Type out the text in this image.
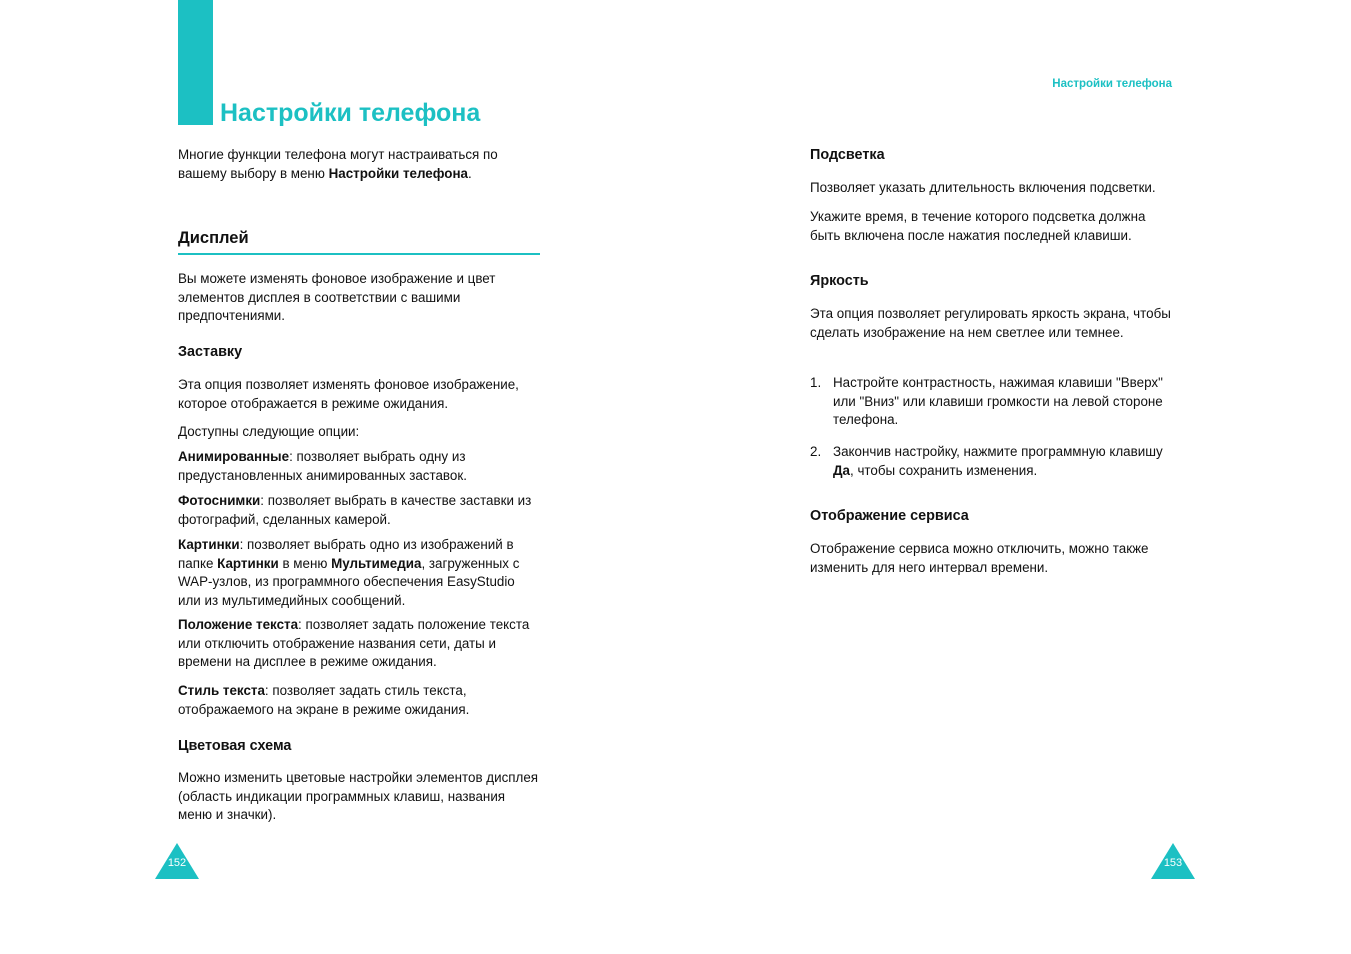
Настройки телефона

Многие функции телефона могут настраиваться по вашему выбору в меню Настройки телефона.

Дисплей

Вы можете изменять фоновое изображение и цвет элементов дисплея в соответствии с вашими предпочтениями.

Заставку

Эта опция позволяет изменять фоновое изображение, которое отображается в режиме ожидания.

Доступны следующие опции:

Анимированные: позволяет выбрать одну из предустановленных анимированных заставок.

Фотоснимки: позволяет выбрать в качестве заставки из фотографий, сделанных камерой.

Картинки: позволяет выбрать одно из изображений в папке Картинки в меню Мультимедиа, загруженных с WAP-узлов, из программного обеспечения EasyStudio или из мультимедийных сообщений.

Положение текста: позволяет задать положение текста или отключить отображение названия сети, даты и времени на дисплее в режиме ожидания.

Стиль текста: позволяет задать стиль текста, отображаемого на экране в режиме ожидания.

Цветовая схема

Можно изменить цветовые настройки элементов дисплея (область индикации программных клавиш, названия меню и значки).

152
Настройки телефона
Подсветка

Позволяет указать длительность включения подсветки.

Укажите время, в течение которого подсветка должна быть включена после нажатия последней клавиши.

Яркость

Эта опция позволяет регулировать яркость экрана, чтобы сделать изображение на нем светлее или темнее.

1. Настройте контрастность, нажимая клавиши "Вверх" или "Вниз" или клавиши громкости на левой стороне телефона.

2. Закончив настройку, нажмите программную клавишу Да, чтобы сохранить изменения.

Отображение сервиса

Отображение сервиса можно отключить, можно также изменить для него интервал времени.

153
